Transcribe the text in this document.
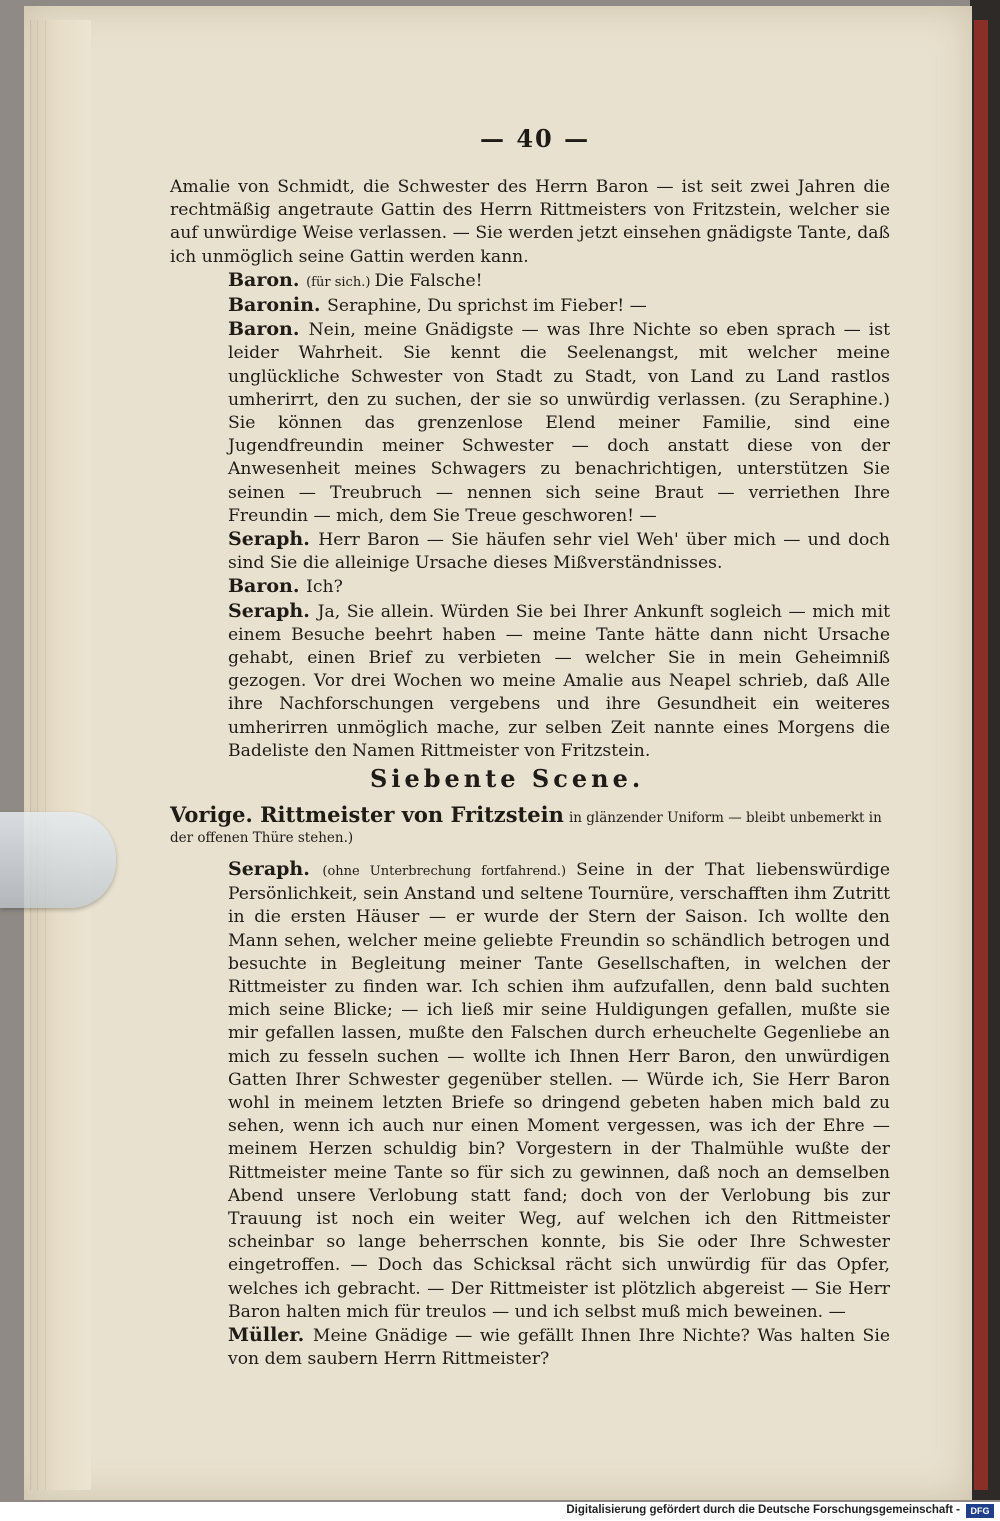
— 40 —
Amalie von Schmidt, die Schwester des Herrn Baron — ist seit zwei Jahren die rechtmäßig angetraute Gattin des Herrn Rittmeisters von Fritzstein, welcher sie auf unwürdige Weise verlassen. — Sie werden jetzt einsehen gnädigste Tante, daß ich unmöglich seine Gattin werden kann.
Baron. (für sich.) Die Falsche!
Baronin. Seraphine, Du sprichst im Fieber! —
Baron. Nein, meine Gnädigste — was Ihre Nichte so eben sprach — ist leider Wahrheit. Sie kennt die Seelenangst, mit welcher meine unglückliche Schwester von Stadt zu Stadt, von Land zu Land rastlos umherirrt, den zu suchen, der sie so unwürdig verlassen. (zu Seraphine.) Sie können das grenzenlose Elend meiner Familie, sind eine Jugendfreundin meiner Schwester — doch anstatt diese von der Anwesenheit meines Schwagers zu benachrichtigen, unterstützen Sie seinen — Treubruch — nennen sich seine Braut — verriethen Ihre Freundin — mich, dem Sie Treue geschworen! —
Seraph. Herr Baron — Sie häufen sehr viel Weh' über mich — und doch sind Sie die alleinige Ursache dieses Mißverständnisses.
Baron. Ich?
Seraph. Ja, Sie allein. Würden Sie bei Ihrer Ankunft sogleich — mich mit einem Besuche beehrt haben — meine Tante hätte dann nicht Ursache gehabt, einen Brief zu verbieten — welcher Sie in mein Geheimniß gezogen. Vor drei Wochen wo meine Amalie aus Neapel schrieb, daß Alle ihre Nachforschungen vergebens und ihre Gesundheit ein weiteres umherirren unmöglich mache, zur selben Zeit nannte eines Morgens die Badeliste den Namen Rittmeister von Fritzstein.
Siebente Scene.
Vorige. Rittmeister von Fritzstein in glänzender Uniform — bleibt unbemerkt in der offenen Thüre stehen.)
Seraph. (ohne Unterbrechung fortfahrend.) Seine in der That liebenswürdige Persönlichkeit, sein Anstand und seltene Tournüre, verschafften ihm Zutritt in die ersten Häuser — er wurde der Stern der Saison. Ich wollte den Mann sehen, welcher meine geliebte Freundin so schändlich betrogen und besuchte in Begleitung meiner Tante Gesellschaften, in welchen der Rittmeister zu finden war. Ich schien ihm aufzufallen, denn bald suchten mich seine Blicke; — ich ließ mir seine Huldigungen gefallen, mußte sie mir gefallen lassen, mußte den Falschen durch erheuchelte Gegenliebe an mich zu fesseln suchen — wollte ich Ihnen Herr Baron, den unwürdigen Gatten Ihrer Schwester gegenüber stellen. — Würde ich, Sie Herr Baron wohl in meinem letzten Briefe so dringend gebeten haben mich bald zu sehen, wenn ich auch nur einen Moment vergessen, was ich der Ehre — meinem Herzen schuldig bin? Vorgestern in der Thalmühle wußte der Rittmeister meine Tante so für sich zu gewinnen, daß noch an demselben Abend unsere Verlobung statt fand; doch von der Verlobung bis zur Trauung ist noch ein weiter Weg, auf welchen ich den Rittmeister scheinbar so lange beherrschen konnte, bis Sie oder Ihre Schwester eingetroffen. — Doch das Schicksal rächt sich unwürdig für das Opfer, welches ich gebracht. — Der Rittmeister ist plötzlich abgereist — Sie Herr Baron halten mich für treulos — und ich selbst muß mich beweinen. —
Müller. Meine Gnädige — wie gefällt Ihnen Ihre Nichte? Was halten Sie von dem saubern Herrn Rittmeister?
Digitalisierung gefördert durch die Deutsche Forschungsgemeinschaft -	DFG
